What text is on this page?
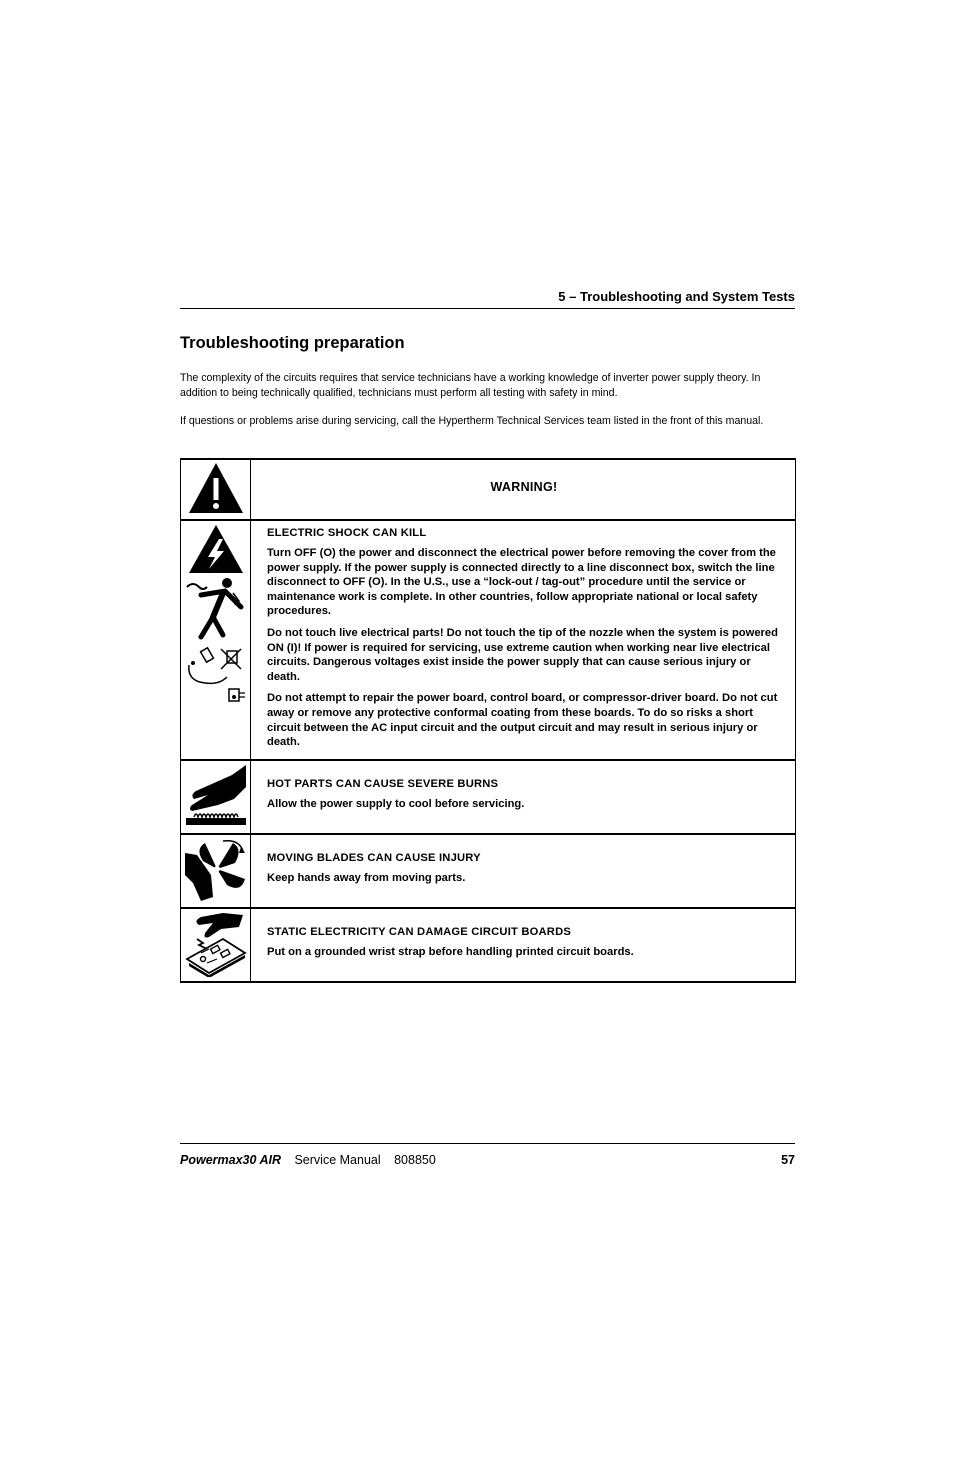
5 – Troubleshooting and System Tests
Troubleshooting preparation

The complexity of the circuits requires that service technicians have a working knowledge of inverter power supply theory. In addition to being technically qualified, technicians must perform all testing with safety in mind.

If questions or problems arise during servicing, call the Hypertherm Technical Services team listed in the front of this manual.

WARNING!

ELECTRIC SHOCK CAN KILL

Turn OFF (O) the power and disconnect the electrical power before removing the cover from the power supply. If the power supply is connected directly to a line disconnect box, switch the line disconnect to OFF (O). In the U.S., use a “lock-out / tag-out” procedure until the service or maintenance work is complete. In other countries, follow appropriate national or local safety procedures.

Do not touch live electrical parts! Do not touch the tip of the nozzle when the system is powered ON (I)! If power is required for servicing, use extreme caution when working near live electrical circuits. Dangerous voltages exist inside the power supply that can cause serious injury or death.

Do not attempt to repair the power board, control board, or compressor-driver board. Do not cut away or remove any protective conformal coating from these boards. To do so risks a short circuit between the AC input circuit and the output circuit and may result in serious injury or death.

HOT PARTS CAN CAUSE SEVERE BURNS

Allow the power supply to cool before servicing.

MOVING BLADES CAN CAUSE INJURY

Keep hands away from moving parts.

STATIC ELECTRICITY CAN DAMAGE CIRCUIT BOARDS

Put on a grounded wrist strap before handling printed circuit boards.

Powermax30 AIR Service Manual 808850	57
